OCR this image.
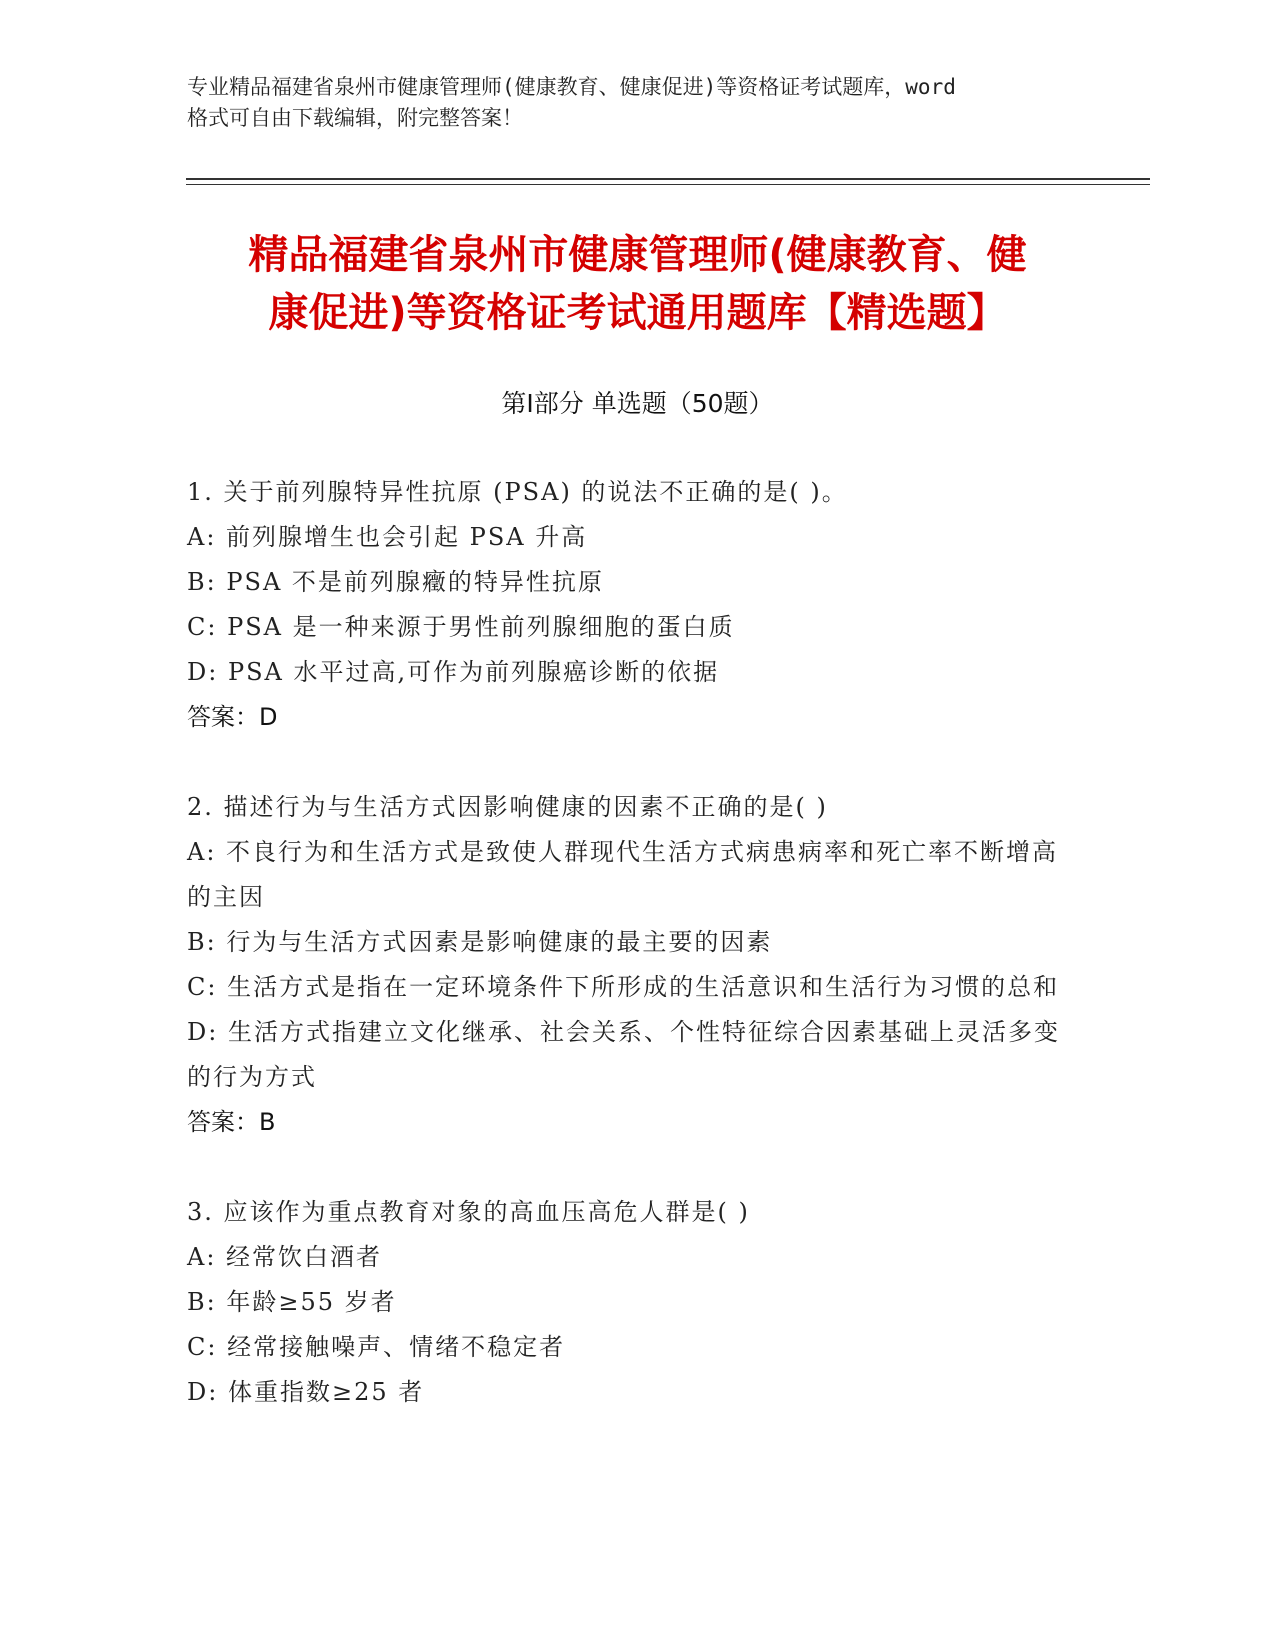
专业精品福建省泉州市健康管理师(健康教育、健康促进)等资格证考试题库，word
格式可自由下载编辑，附完整答案！
精品福建省泉州市健康管理师(健康教育、健
康促进)等资格证考试通用题库【精选题】
第Ⅰ部分 单选题（50题）

1. 关于前列腺特异性抗原 (PSA) 的说法不正确的是( )。

A: 前列腺增生也会引起 PSA 升高

B: PSA 不是前列腺癥的特异性抗原

C: PSA 是一种来源于男性前列腺细胞的蛋白质

D: PSA 水平过高,可作为前列腺癌诊断的依据

答案：D

2. 描述行为与生活方式因影响健康的因素不正确的是( )

A: 不良行为和生活方式是致使人群现代生活方式病患病率和死亡率不断增高的主因

B: 行为与生活方式因素是影响健康的最主要的因素

C: 生活方式是指在一定环境条件下所形成的生活意识和生活行为习惯的总和

D: 生活方式指建立文化继承、社会关系、个性特征综合因素基础上灵活多变的行为方式

答案：B

3. 应该作为重点教育对象的高血压高危人群是( )

A: 经常饮白酒者

B: 年龄≥55 岁者

C: 经常接触噪声、情绪不稳定者

D: 体重指数≥25 者
